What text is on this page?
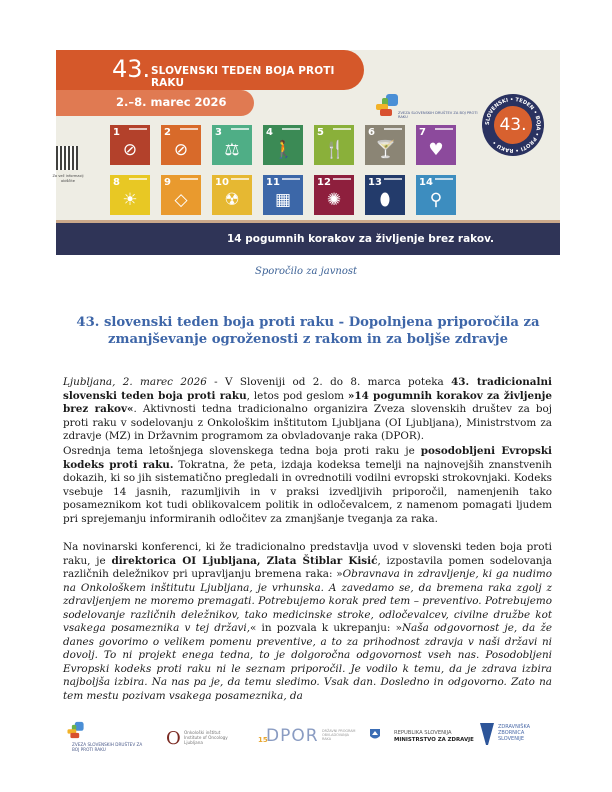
43. SLOVENSKI TEDEN BOJA PROTI RAKU
2.–8. marec 2026
ZVEZA SLOVENSKIH DRUŠTEV ZA BOJ PROTI RAKU
Za več informacij obiščite
1
⊘
2
⊘
3
⚖
4
🚶
5
🍴
6
🍸
7
♥
8
☀
9
◇
10
☢
11
▦
12
✺
13
⬮
14
⚲
SLOVENSKI • TEDEN • BOJA • PROTI • RAKU •
43.
14 pogumnih korakov za življenje brez rakov.
Sporočilo za javnost
43. slovenski teden boja proti raku - Dopolnjena priporočila za
zmanjševanje ogroženosti z rakom in za boljše zdravje
Ljubljana, 2. marec 2026 - V Sloveniji od 2. do 8. marca poteka 43. tradicionalni slovenski teden boja proti raku, letos pod geslom »14 pogumnih korakov za življenje brez rakov«. Aktivnosti tedna tradicionalno organizira Zveza slovenskih društev za boj proti raku v sodelovanju z Onkološkim inštitutom Ljubljana (OI Ljubljana), Ministrstvom za zdravje (MZ) in Državnim programom za obvladovanje raka (DPOR).
Osrednja tema letošnjega slovenskega tedna boja proti raku je posodobljeni Evropski kodeks proti raku. Tokratna, že peta, izdaja kodeksa temelji na najnovejših znanstvenih dokazih, ki so jih sistematično pregledali in ovrednotili vodilni evropski strokovnjaki. Kodeks vsebuje 14 jasnih, razumljivih in v praksi izvedljivih priporočil, namenjenih tako posameznikom kot tudi oblikovalcem politik in odločevalcem, z namenom pomagati ljudem pri sprejemanju informiranih odločitev za zmanjšanje tveganja za raka.
Na novinarski konferenci, ki že tradicionalno predstavlja uvod v slovenski teden boja proti raku, je direktorica OI Ljubljana, Zlata Štiblar Kisić, izpostavila pomen sodelovanja različnih deležnikov pri upravljanju bremena raka: »Obravnava in zdravljenje, ki ga nudimo na Onkološkem inštitutu Ljubljana, je vrhunska. A zavedamo se, da bremena raka zgolj z zdravljenjem ne moremo premagati. Potrebujemo korak pred tem – preventivo. Potrebujemo sodelovanje različnih deležnikov, tako medicinske stroke, odločevalcev, civilne družbe kot vsakega posameznika v tej državi,« in pozvala k ukrepanju: »Naša odgovornost je, da že danes govorimo o velikem pomenu preventive, a to za prihodnost zdravja v naši državi ni dovolj. To ni projekt enega tedna, to je dolgoročna odgovornost vseh nas. Posodobljeni Evropski kodeks proti raku ni le seznam priporočil. Je vodilo k temu, da je zdrava izbira najboljša izbira. Na nas pa je, da temu sledimo. Vsak dan. Dosledno in odgovorno. Zato na tem mestu pozivam vsakega posameznika, da
ZVEZA SLOVENSKIH DRUŠTEV ZA BOJ PROTI RAKU
O Onkološki inštitut
Institute of Oncology
Ljubljana	15
DPOR DRŽAVNI PROGRAM OBVLADOVANJA RAKA
REPUBLIKA SLOVENIJA
MINISTRSTVO ZA ZDRAVJE
ZDRAVNIŠKA
ZBORNICA
SLOVENIJE
